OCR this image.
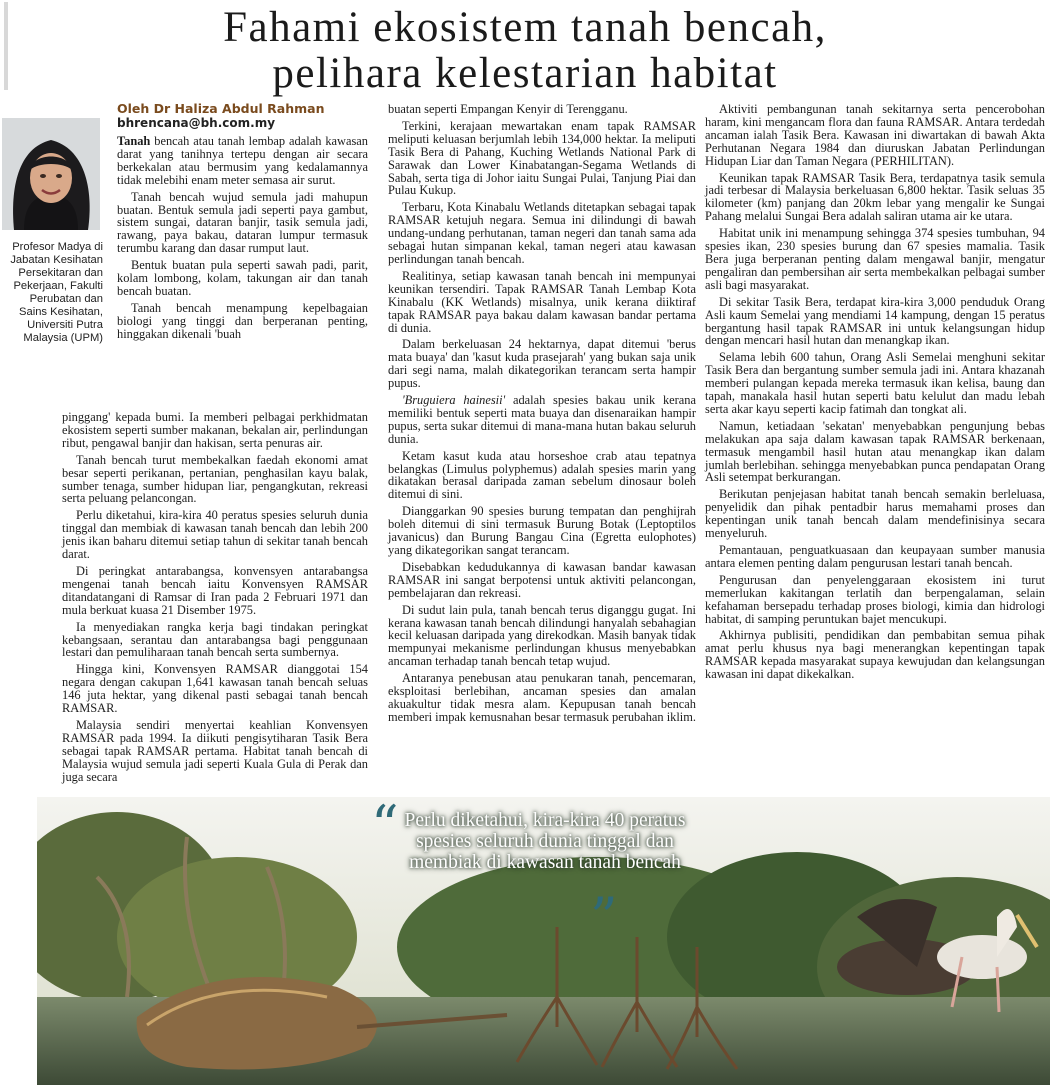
Fahami ekosistem tanah bencah,
pelihara kelestarian habitat
Oleh Dr Haliza Abdul Rahman
bhrencana@bh.com.my
Profesor Madya di Jabatan Kesihatan Persekitaran dan Pekerjaan, Fakulti Perubatan dan Sains Kesihatan, Universiti Putra Malaysia (UPM)

Tanah bencah atau tanah lembap adalah kawasan darat yang tanihnya tertepu dengan air secara berkekalan atau bermusim yang kedalamannya tidak melebihi enam meter semasa air surut.

Tanah bencah wujud semula jadi mahupun buatan. Bentuk semula jadi seperti paya gambut, sistem sungai, dataran banjir, tasik semula jadi, rawang, paya bakau, dataran lumpur termasuk terumbu karang dan dasar rumput laut.

Bentuk buatan pula seperti sawah padi, parit, kolam lombong, kolam, takungan air dan tanah bencah buatan.

Tanah bencah menampung kepelbagaian biologi yang tinggi dan berperanan penting, hinggakan dikenali 'buah

pinggang' kepada bumi. Ia memberi pelbagai perkhidmatan ekosistem seperti sumber makanan, bekalan air, perlindungan ribut, pengawal banjir dan hakisan, serta penuras air.

Tanah bencah turut membekalkan faedah ekonomi amat besar seperti perikanan, pertanian, penghasilan kayu balak, sumber tenaga, sumber hidupan liar, pengangkutan, rekreasi serta peluang pelancongan.

Perlu diketahui, kira-kira 40 peratus spesies seluruh dunia tinggal dan membiak di kawasan tanah bencah dan lebih 200 jenis ikan baharu ditemui setiap tahun di sekitar tanah bencah darat.

Di peringkat antarabangsa, konvensyen antarabangsa mengenai tanah bencah iaitu Konvensyen RAMSAR ditandatangani di Ramsar di Iran pada 2 Februari 1971 dan mula berkuat kuasa 21 Disember 1975.

Ia menyediakan rangka kerja bagi tindakan peringkat kebangsaan, serantau dan antarabangsa bagi penggunaan lestari dan pemuliharaan tanah bencah serta sumbernya.

Hingga kini, Konvensyen RAMSAR dianggotai 154 negara dengan cakupan 1,641 kawasan tanah bencah seluas 146 juta hektar, yang dikenal pasti sebagai tanah bencah RAMSAR.

Malaysia sendiri menyertai keahlian Konvensyen RAMSAR pada 1994. Ia diikuti pengisytiharan Tasik Bera sebagai tapak RAMSAR pertama. Habitat tanah bencah di Malaysia wujud semula jadi seperti Kuala Gula di Perak dan juga secara

buatan seperti Empangan Kenyir di Terengganu.

Terkini, kerajaan mewartakan enam tapak RAMSAR meliputi keluasan berjumlah lebih 134,000 hektar. Ia meliputi Tasik Bera di Pahang, Kuching Wetlands National Park di Sarawak dan Lower Kinabatangan-Segama Wetlands di Sabah, serta tiga di Johor iaitu Sungai Pulai, Tanjung Piai dan Pulau Kukup.

Terbaru, Kota Kinabalu Wetlands ditetapkan sebagai tapak RAMSAR ketujuh negara. Semua ini dilindungi di bawah undang-undang perhutanan, taman negeri dan tanah sama ada sebagai hutan simpanan kekal, taman negeri atau kawasan perlindungan tanah bencah.

Realitinya, setiap kawasan tanah bencah ini mempunyai keunikan tersendiri. Tapak RAMSAR Tanah Lembap Kota Kinabalu (KK Wetlands) misalnya, unik kerana diiktiraf tapak RAMSAR paya bakau dalam kawasan bandar pertama di dunia.

Dalam berkeluasan 24 hektarnya, dapat ditemui 'berus mata buaya' dan 'kasut kuda prasejarah' yang bukan saja unik dari segi nama, malah dikategorikan terancam serta hampir pupus.

'Bruguiera hainesii' adalah spesies bakau unik kerana memiliki bentuk seperti mata buaya dan disenaraikan hampir pupus, serta sukar ditemui di mana-mana hutan bakau seluruh dunia.

Ketam kasut kuda atau horseshoe crab atau tepatnya belangkas (Limulus polyphemus) adalah spesies marin yang dikatakan berasal daripada zaman sebelum dinosaur boleh ditemui di sini.

Dianggarkan 90 spesies burung tempatan dan penghijrah boleh ditemui di sini termasuk Burung Botak (Leptoptilos javanicus) dan Burung Bangau Cina (Egretta eulophotes) yang dikategorikan sangat terancam.

Disebabkan kedudukannya di kawasan bandar kawasan RAMSAR ini sangat berpotensi untuk aktiviti pelancongan, pembelajaran dan rekreasi.

Di sudut lain pula, tanah bencah terus diganggu gugat. Ini kerana kawasan tanah bencah dilindungi hanyalah sebahagian kecil keluasan daripada yang direkodkan. Masih banyak tidak mempunyai mekanisme perlindungan khusus menyebabkan ancaman terhadap tanah bencah tetap wujud.

Antaranya penebusan atau penukaran tanah, pencemaran, eksploitasi berlebihan, ancaman spesies dan amalan akuakultur tidak mesra alam. Kepupusan tanah bencah memberi impak kemusnahan besar termasuk perubahan iklim.

Aktiviti pembangunan tanah sekitarnya serta pencerobohan haram, kini mengancam flora dan fauna RAMSAR. Antara terdedah ancaman ialah Tasik Bera. Kawasan ini diwartakan di bawah Akta Perhutanan Negara 1984 dan diuruskan Jabatan Perlindungan Hidupan Liar dan Taman Negara (PERHILITAN).

Keunikan tapak RAMSAR Tasik Bera, terdapatnya tasik semula jadi terbesar di Malaysia berkeluasan 6,800 hektar. Tasik seluas 35 kilometer (km) panjang dan 20km lebar yang mengalir ke Sungai Pahang melalui Sungai Bera adalah saliran utama air ke utara.

Habitat unik ini menampung sehingga 374 spesies tumbuhan, 94 spesies ikan, 230 spesies burung dan 67 spesies mamalia. Tasik Bera juga berperanan penting dalam mengawal banjir, mengatur pengaliran dan pembersihan air serta membekalkan pelbagai sumber asli bagi masyarakat.

Di sekitar Tasik Bera, terdapat kira-kira 3,000 penduduk Orang Asli kaum Semelai yang mendiami 14 kampung, dengan 15 peratus bergantung hasil tapak RAMSAR ini untuk kelangsungan hidup dengan mencari hasil hutan dan menangkap ikan.

Selama lebih 600 tahun, Orang Asli Semelai menghuni sekitar Tasik Bera dan bergantung sumber semula jadi ini. Antara khazanah memberi pulangan kepada mereka termasuk ikan kelisa, baung dan tapah, manakala hasil hutan seperti batu kelulut dan madu lebah serta akar kayu seperti kacip fatimah dan tongkat ali.

Namun, ketiadaan 'sekatan' menyebabkan pengunjung bebas melakukan apa saja dalam kawasan tapak RAMSAR berkenaan, termasuk mengambil hasil hutan atau menangkap ikan dalam jumlah berlebihan. sehingga menyebabkan punca pendapatan Orang Asli setempat berkurangan.

Berikutan penjejasan habitat tanah bencah semakin berleluasa, penyelidik dan pihak pentadbir harus memahami proses dan kepentingan unik tanah bencah dalam mendefinisinya secara menyeluruh.

Pemantauan, penguatkuasaan dan keupayaan sumber manusia antara elemen penting dalam pengurusan lestari tanah bencah.

Pengurusan dan penyelenggaraan ekosistem ini turut memerlukan kakitangan terlatih dan berpengalaman, selain kefahaman bersepadu terhadap proses biologi, kimia dan hidrologi habitat, di samping peruntukan bajet mencukupi.

Akhirnya publisiti, pendidikan dan pembabitan semua pihak amat perlu khusus nya bagi menerangkan kepentingan tapak RAMSAR kepada masyarakat supaya kewujudan dan kelangsungan kawasan ini dapat dikekalkan.

“ Perlu diketahui, kira-kira 40 peratus spesies seluruh dunia tinggal dan membiak di kawasan tanah bencah
”
